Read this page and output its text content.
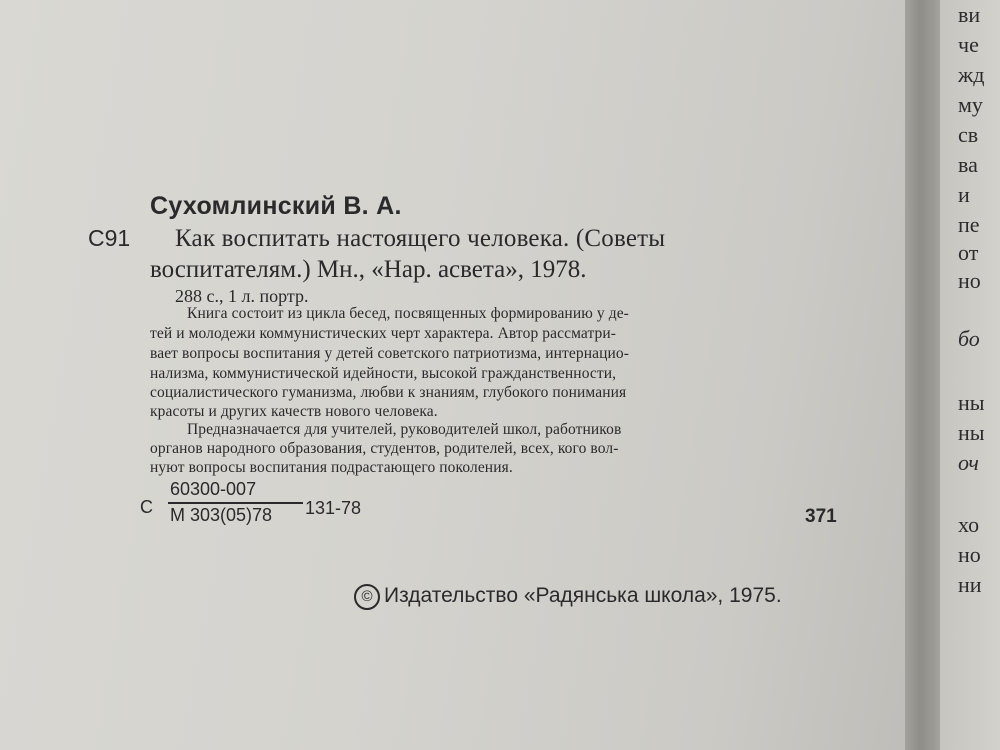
Сухомлинский В. А.
С91 Как воспитать настоящего человека. (Советы
воспитателям.) Мн., «Нар. асвета», 1978.
288 с., 1 л. портр.
Книга состоит из цикла бесед, посвященных формированию у де-
тей и молодежи коммунистических черт характера. Автор рассматри-
вает вопросы воспитания у детей советского патриотизма, интернацио-
нализма, коммунистической идейности, высокой гражданственности,
социалистического гуманизма, любви к знаниям, глубокого понимания
красоты и других качеств нового человека.
Предназначается для учителей, руководителей школ, работников
органов народного образования, студентов, родителей, всех, кого вол-
нуют вопросы воспитания подрастающего поколения.
С
60300-007
М 303(05)78 131-78	371
© Издательство «Радянська школа», 1975.
ви
че
жд
му
св
ва
и
пе
от
но
бо
ны
ны
оч
хо
но
ни
